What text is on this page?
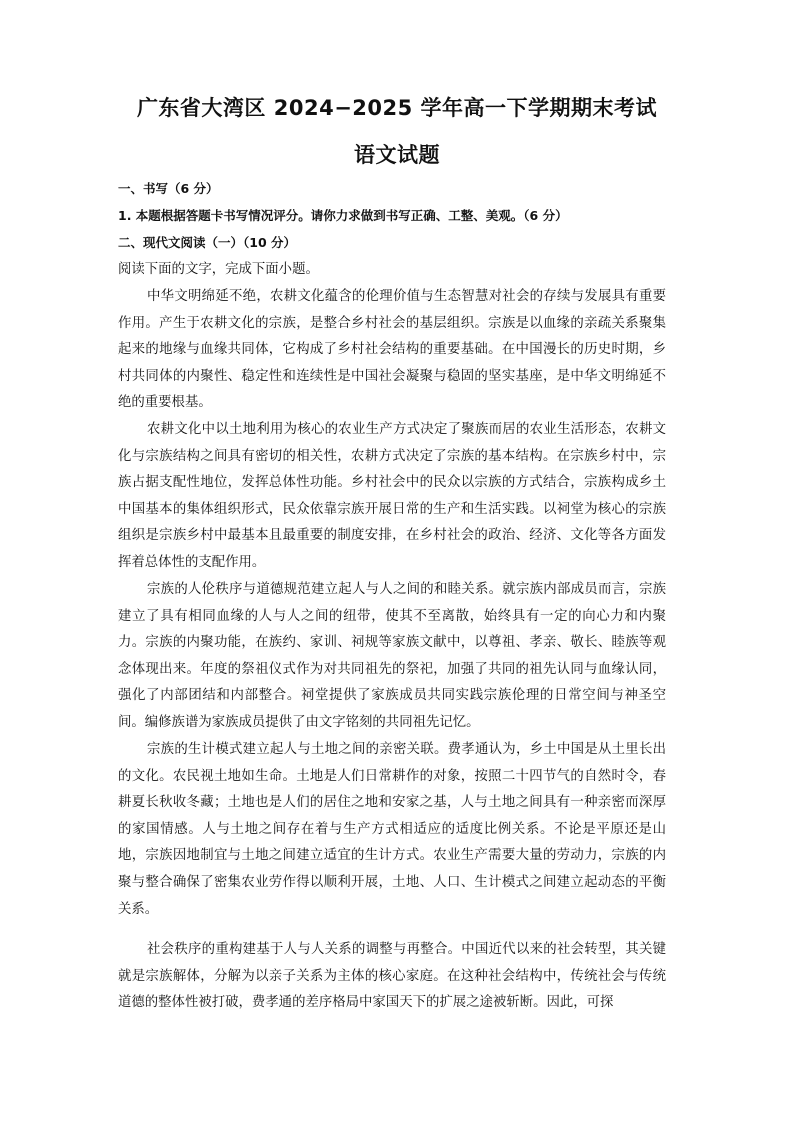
广东省大湾区 2024−2025 学年高一下学期期末考试
语文试题
一、书写（6 分）
1. 本题根据答题卡书写情况评分。请你力求做到书写正确、工整、美观。（6 分）
二、现代文阅读（一）（10 分）
阅读下面的文字，完成下面小题。

中华文明绵延不绝，农耕文化蕴含的伦理价值与生态智慧对社会的存续与发展具有重要作用。产生于农耕文化的宗族，是整合乡村社会的基层组织。宗族是以血缘的亲疏关系聚集起来的地缘与血缘共同体，它构成了乡村社会结构的重要基础。在中国漫长的历史时期，乡村共同体的内聚性、稳定性和连续性是中国社会凝聚与稳固的坚实基座，是中华文明绵延不绝的重要根基。

农耕文化中以土地利用为核心的农业生产方式决定了聚族而居的农业生活形态，农耕文化与宗族结构之间具有密切的相关性，农耕方式决定了宗族的基本结构。在宗族乡村中，宗族占据支配性地位，发挥总体性功能。乡村社会中的民众以宗族的方式结合，宗族构成乡土中国基本的集体组织形式，民众依靠宗族开展日常的生产和生活实践。以祠堂为核心的宗族组织是宗族乡村中最基本且最重要的制度安排，在乡村社会的政治、经济、文化等各方面发挥着总体性的支配作用。

宗族的人伦秩序与道德规范建立起人与人之间的和睦关系。就宗族内部成员而言，宗族建立了具有相同血缘的人与人之间的纽带，使其不至离散，始终具有一定的向心力和内聚力。宗族的内聚功能，在族约、家训、祠规等家族文献中，以尊祖、孝亲、敬长、睦族等观念体现出来。年度的祭祖仪式作为对共同祖先的祭祀，加强了共同的祖先认同与血缘认同，强化了内部团结和内部整合。祠堂提供了家族成员共同实践宗族伦理的日常空间与神圣空间。编修族谱为家族成员提供了由文字铭刻的共同祖先记忆。

宗族的生计模式建立起人与土地之间的亲密关联。费孝通认为，乡土中国是从土里长出的文化。农民视土地如生命。土地是人们日常耕作的对象，按照二十四节气的自然时令，春耕夏长秋收冬藏；土地也是人们的居住之地和安家之基，人与土地之间具有一种亲密而深厚的家国情感。人与土地之间存在着与生产方式相适应的适度比例关系。不论是平原还是山地，宗族因地制宜与土地之间建立适宜的生计方式。农业生产需要大量的劳动力，宗族的内聚与整合确保了密集农业劳作得以顺利开展，土地、人口、生计模式之间建立起动态的平衡关系。

社会秩序的重构建基于人与人关系的调整与再整合。中国近代以来的社会转型，其关键就是宗族解体，分解为以亲子关系为主体的核心家庭。在这种社会结构中，传统社会与传统道德的整体性被打破，费孝通的差序格局中家国天下的扩展之途被斩断。因此，可探
